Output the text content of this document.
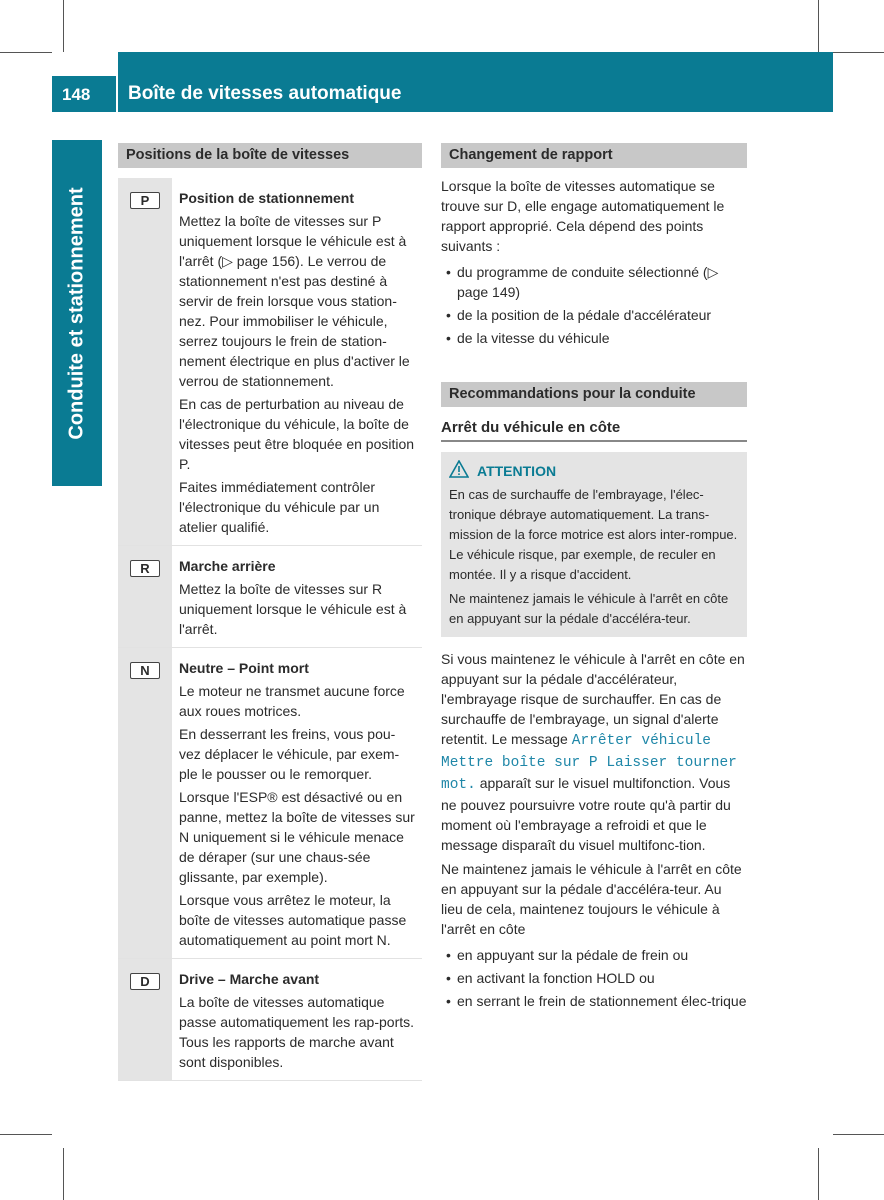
148 Boîte de vitesses automatique
Conduite et stationnement
Positions de la boîte de vitesses
P	Position de stationnement

Mettez la boîte de vitesses sur P uniquement lorsque le véhicule est à l'arrêt (▷ page 156). Le verrou de stationnement n'est pas destiné à servir de frein lorsque vous station-nez. Pour immobiliser le véhicule, serrez toujours le frein de station-nement électrique en plus d'activer le verrou de stationnement.

En cas de perturbation au niveau de l'électronique du véhicule, la boîte de vitesses peut être bloquée en position P.

Faites immédiatement contrôler l'électronique du véhicule par un atelier qualifié.

R	Marche arrière

Mettez la boîte de vitesses sur R uniquement lorsque le véhicule est à l'arrêt.

N	Neutre – Point mort

Le moteur ne transmet aucune force aux roues motrices.

En desserrant les freins, vous pou-vez déplacer le véhicule, par exem-ple le pousser ou le remorquer.

Lorsque l'ESP® est désactivé ou en panne, mettez la boîte de vitesses sur N uniquement si le véhicule menace de déraper (sur une chaus-sée glissante, par exemple).

Lorsque vous arrêtez le moteur, la boîte de vitesses automatique passe automatiquement au point mort N.

D	Drive – Marche avant

La boîte de vitesses automatique passe automatiquement les rap-ports. Tous les rapports de marche avant sont disponibles.

Changement de rapport

Lorsque la boîte de vitesses automatique se trouve sur D, elle engage automatiquement le rapport approprié. Cela dépend des points suivants :

• du programme de conduite sélectionné (▷ page 149)
• de la position de la pédale d'accélérateur
• de la vitesse du véhicule
Recommandations pour la conduite
Arrêt du véhicule en côte
ATTENTION

En cas de surchauffe de l'embrayage, l'élec-tronique débraye automatiquement. La trans-mission de la force motrice est alors inter-rompue. Le véhicule risque, par exemple, de reculer en montée. Il y a risque d'accident.

Ne maintenez jamais le véhicule à l'arrêt en côte en appuyant sur la pédale d'accéléra-teur.

Si vous maintenez le véhicule à l'arrêt en côte en appuyant sur la pédale d'accélérateur, l'embrayage risque de surchauffer. En cas de surchauffe de l'embrayage, un signal d'alerte retentit. Le message Arrêter véhicule Mettre boîte sur P Laisser tourner mot. apparaît sur le visuel multifonction. Vous ne pouvez poursuivre votre route qu'à partir du moment où l'embrayage a refroidi et que le message disparaît du visuel multifonc-tion.

Ne maintenez jamais le véhicule à l'arrêt en côte en appuyant sur la pédale d'accéléra-teur. Au lieu de cela, maintenez toujours le véhicule à l'arrêt en côte

• en appuyant sur la pédale de frein ou
• en activant la fonction HOLD ou
• en serrant le frein de stationnement élec-trique
